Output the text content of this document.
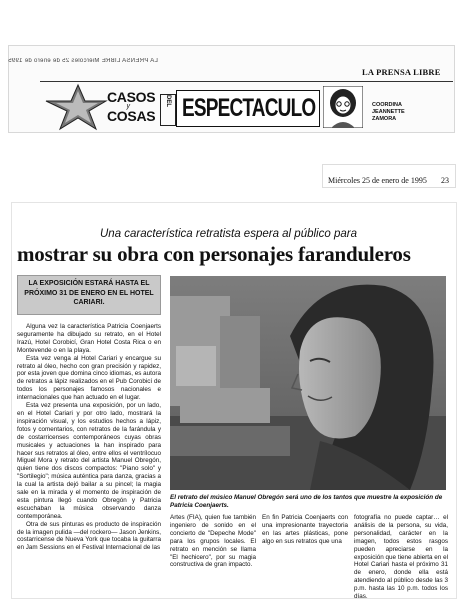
LA PRENSA LIBRE Miércoles 25 de enero de 1995
LA PRENSA LIBRE
CASOS
y
COSAS
DEL ESPECTACULO	COORDINA
JEANNETTE
ZAMORA
Miércoles 25 de enero de 1995 23
Una característica retratista espera al público para
mostrar su obra con personajes faranduleros
LA EXPOSICIÓN ESTARÁ HASTA EL PRÓXIMO 31 DE ENERO EN EL HOTEL CARIARI.

Alguna vez la característica Patricia Coenjaerts seguramente ha dibujado su retrato, en el Hotel Irazú, Hotel Corobicí, Gran Hotel Costa Rica o en Montevende o en la playa.

Esta vez venga al Hotel Cariari y encargue su retrato al óleo, hecho con gran precisión y rapidez, por esta joven que domina cinco idiomas, es autora de retratos a lápiz realizados en el Pub Corobicí de todos los personajes famosos nacionales e internacionales que han actuado en el lugar.

Esta vez presenta una exposición, por un lado, en el Hotel Cariari y por otro lado, mostrará la inspiración visual, y los estudios hechos a lápiz, fotos y comentarios, con retratos de la farándula y de costarricenses contemporáneos cuyas obras musicales y actuaciones la han inspirado para hacer sus retratos al óleo, entre ellos el ventrílocuo Miguel Mora y retrato del artista Manuel Obregón, quien tiene dos discos compactos: "Piano solo" y "Sortilegio"; música auténtica para danza, gracias a la cual la artista dejó bailar a su pincel; la magia sale en la mirada y el momento de inspiración de esta pintura llegó cuando Obregón y Patricia escuchaban la música observando danza contemporánea.

Otra de sus pinturas es producto de inspiración de la imagen pulida —del rockero— Jason Jenkins, costarricense de Nueva York que tocaba la guitarra en Jam Sessions en el Festival Internacional de las

El retrato del músico Manuel Obregón será uno de los tantos que muestre la exposición de Patricia Coenjaerts.
Artes (FIA), quien fue también ingeniero de sonido en el concierto de "Depeche Mode" para los grupos locales. El retrato en mención se llama "El hechicero", por su magia constructiva de gran impacto.
En fin Patricia Coenjaerts con una impresionante trayectoria en las artes plásticas, pone algo en sus retratos que una
fotografía no puede captar… el análisis de la persona, su vida, personalidad, carácter en la imagen, todos estos rasgos pueden apreciarse en la exposición que tiene abierta en el Hotel Cariari hasta el próximo 31 de enero, donde ella está atendiendo al público desde las 3 p.m. hasta las 10 p.m. todos los días.
